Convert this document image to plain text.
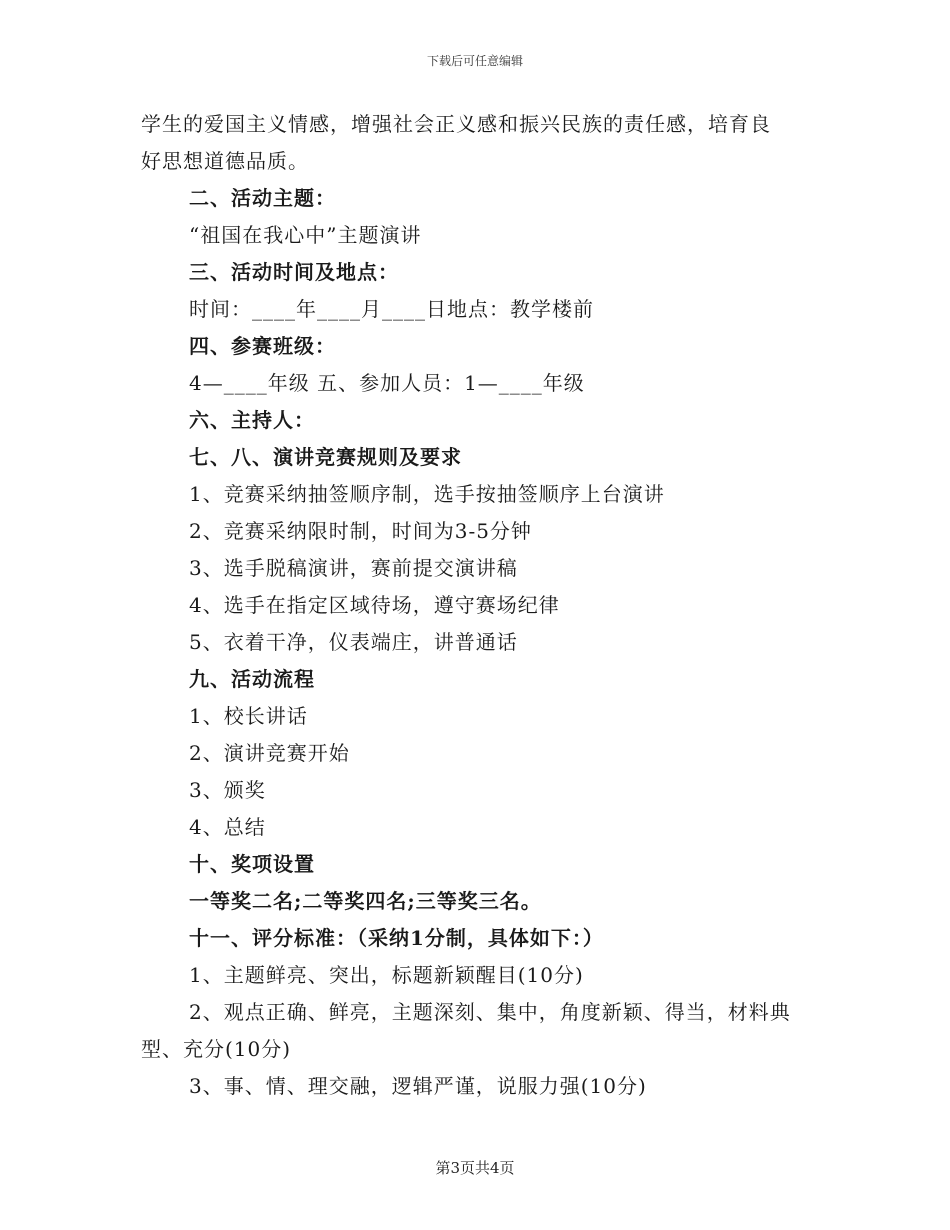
下载后可任意编辑
学生的爱国主义情感，增强社会正义感和振兴民族的责任感，培育良
好思想道德品质。
二、活动主题：
“祖国在我心中”主题演讲
三、活动时间及地点：
时间：____年____月____日地点：教学楼前
四、参赛班级：
4—____年级 五、参加人员：1—____年级
六、主持人：
七、八、演讲竞赛规则及要求
1、竞赛采纳抽签顺序制，选手按抽签顺序上台演讲
2、竞赛采纳限时制，时间为3-5分钟
3、选手脱稿演讲，赛前提交演讲稿
4、选手在指定区域待场，遵守赛场纪律
5、衣着干净，仪表端庄，讲普通话
九、活动流程
1、校长讲话
2、演讲竞赛开始
3、颁奖
4、总结
十、奖项设置
一等奖二名;二等奖四名;三等奖三名。
十一、评分标准：（采纳1分制，具体如下：）
1、主题鲜亮、突出，标题新颖醒目(10分)
2、观点正确、鲜亮，主题深刻、集中，角度新颖、得当，材料典
型、充分(10分)
3、事、情、理交融，逻辑严谨，说服力强(10分)
第3页共4页
